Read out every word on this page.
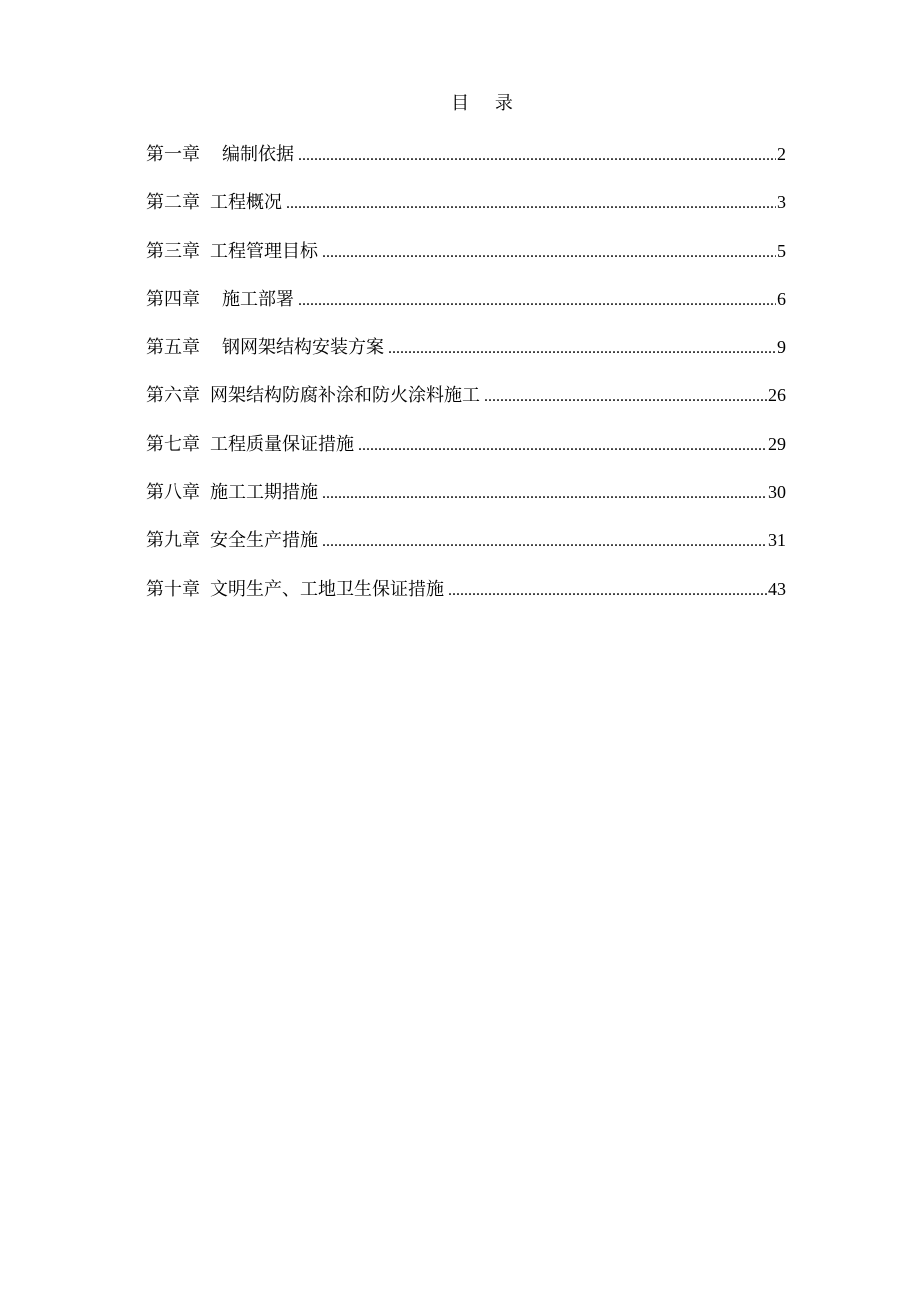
目 录
第一章 编制依据 .....	2
第二章 工程概况 .....	3
第三章 工程管理目标 .....	5
第四章 施工部署 .....	6
第五章 钢网架结构安装方案 .....	9
第六章 网架结构防腐补涂和防火涂料施工 .....	26
第七章 工程质量保证措施 .....	29
第八章 施工工期措施 .....	30
第九章 安全生产措施 .....	31
第十章 文明生产、工地卫生保证措施 .....	43
